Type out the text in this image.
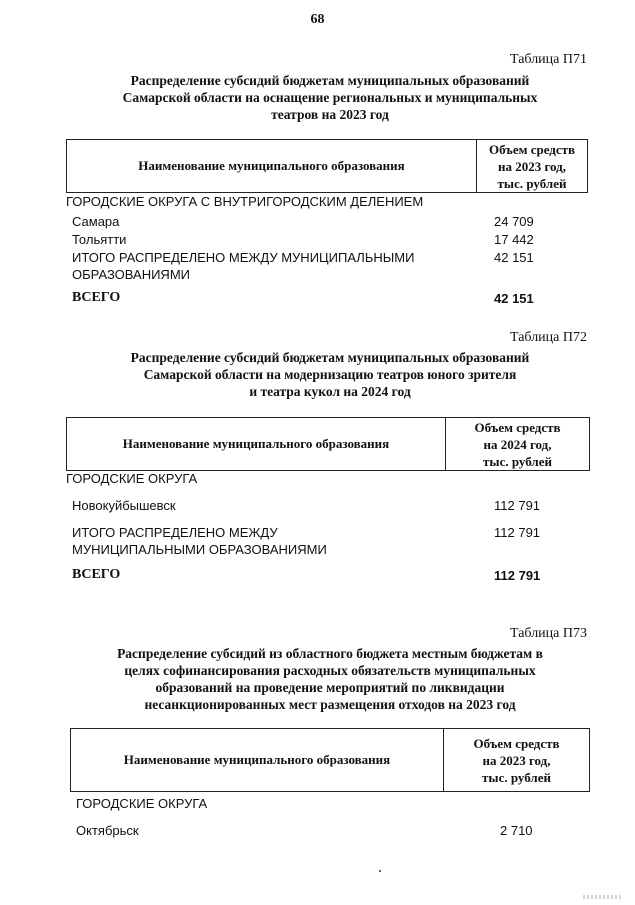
68
Таблица П71
Распределение субсидий бюджетам муниципальных образований
Самарской области на оснащение региональных и муниципальных
театров на 2023 год
Наименование муниципального образования
Объем средств
на 2023 год,
тыс. рублей
ГОРОДСКИЕ ОКРУГА С ВНУТРИГОРОДСКИМ ДЕЛЕНИЕМ
Самара	24 709
Тольятти	17 442
ИТОГО РАСПРЕДЕЛЕНО МЕЖДУ МУНИЦИПАЛЬНЫМИ
ОБРАЗОВАНИЯМИ
42 151
ВСЕГО	42 151
Таблица П72
Распределение субсидий бюджетам муниципальных образований
Самарской области на модернизацию театров юного зрителя
и театра кукол на 2024 год
Наименование муниципального образования
Объем средств
на 2024 год,
тыс. рублей
ГОРОДСКИЕ ОКРУГА
Новокуйбышевск	112 791
ИТОГО РАСПРЕДЕЛЕНО МЕЖДУ
МУНИЦИПАЛЬНЫМИ ОБРАЗОВАНИЯМИ
112 791
ВСЕГО	112 791
Таблица П73
Распределение субсидий из областного бюджета местным бюджетам в
целях софинансирования расходных обязательств муниципальных
образований на проведение мероприятий по ликвидации
несанкционированных мест размещения отходов на 2023 год
Наименование муниципального образования
Объем средств
на 2023 год,
тыс. рублей
ГОРОДСКИЕ ОКРУГА
Октябрьск	2 710
